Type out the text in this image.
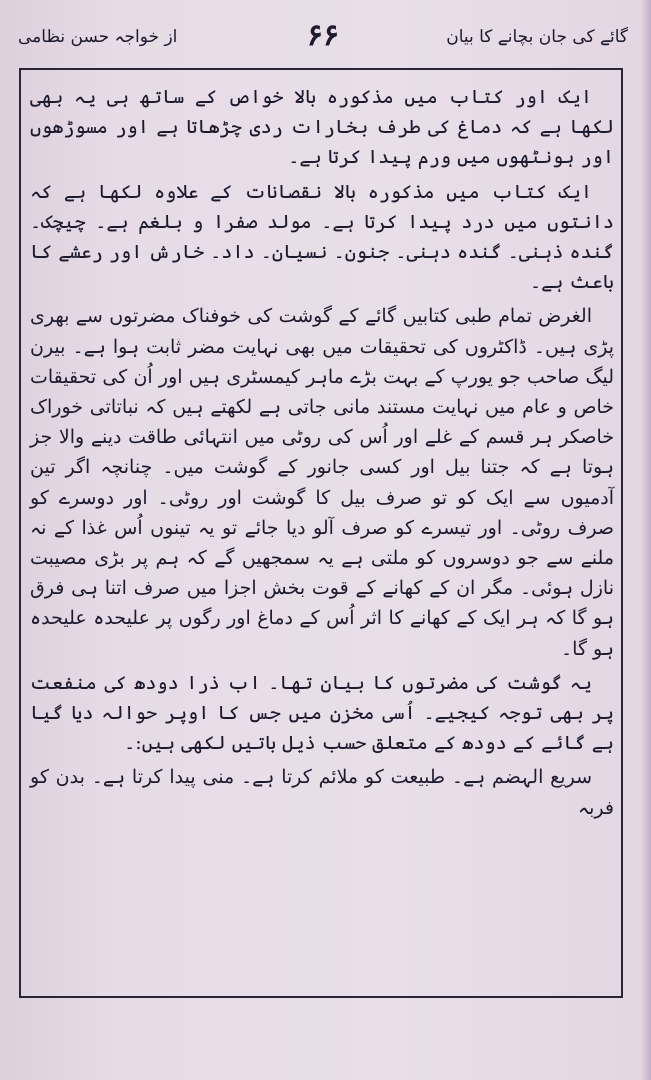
گائے کی جان بچانے کا بیان
۶۶
از خواجہ حسن نظامی

ایک اور کتاب میں مذکورہ بالا خواص کے ساتھ ہی یہ بھی لکھا ہے کہ دماغ کی طرف بخارات ردی چڑھاتا ہے اور مسوڑھوں اور ہونٹھوں میں ورم پیدا کرتا ہے۔

ایک کتاب میں مذکورہ بالا نقصانات کے علاوہ لکھا ہے کہ دانتوں میں درد پیدا کرتا ہے۔ مولد صفرا و بلغم ہے۔ چیچک۔ گندہ ذہنی۔ گندہ دہنی۔ جنون۔ نسیان۔ داد۔ خارش اور رعشے کا باعث ہے۔

الغرض تمام طبی کتابیں گائے کے گوشت کی خوفناک مضرتوں سے بھری پڑی ہیں۔ ڈاکٹروں کی تحقیقات میں بھی نہایت مضر ثابت ہوا ہے۔ بیرن لیگ صاحب جو یورپ کے بہت بڑے ماہر کیمسٹری ہیں اور اُن کی تحقیقات خاص و عام میں نہایت مستند مانی جاتی ہے لکھتے ہیں کہ نباتاتی خوراک خاصکر ہر قسم کے غلے اور اُس کی روٹی میں انتہائی طاقت دینے والا جز ہوتا ہے کہ جتنا بیل اور کسی جانور کے گوشت میں۔ چنانچہ اگر تین آدمیوں سے ایک کو تو صرف بیل کا گوشت اور روٹی۔ اور دوسرے کو صرف روٹی۔ اور تیسرے کو صرف آلو دیا جائے تو یہ تینوں اُس غذا کے نہ ملنے سے جو دوسروں کو ملتی ہے یہ سمجھیں گے کہ ہم پر بڑی مصیبت نازل ہوئی۔ مگر ان کے کھانے کے قوت بخش اجزا میں صرف اتنا ہی فرق ہو گا کہ ہر ایک کے کھانے کا اثر اُس کے دماغ اور رگوں پر علیحدہ علیحدہ ہو گا۔

یہ گوشت کی مضرتوں کا بیان تھا۔ اب ذرا دودھ کی منفعت پر بھی توجہ کیجیے۔ اُسی مخزن میں جس کا اوپر حوالہ دیا گیا ہے گائے کے دودھ کے متعلق حسب ذیل باتیں لکھی ہیں:۔

سریع الہضم ہے۔ طبیعت کو ملائم کرتا ہے۔ منی پیدا کرتا ہے۔ بدن کو فربہ
